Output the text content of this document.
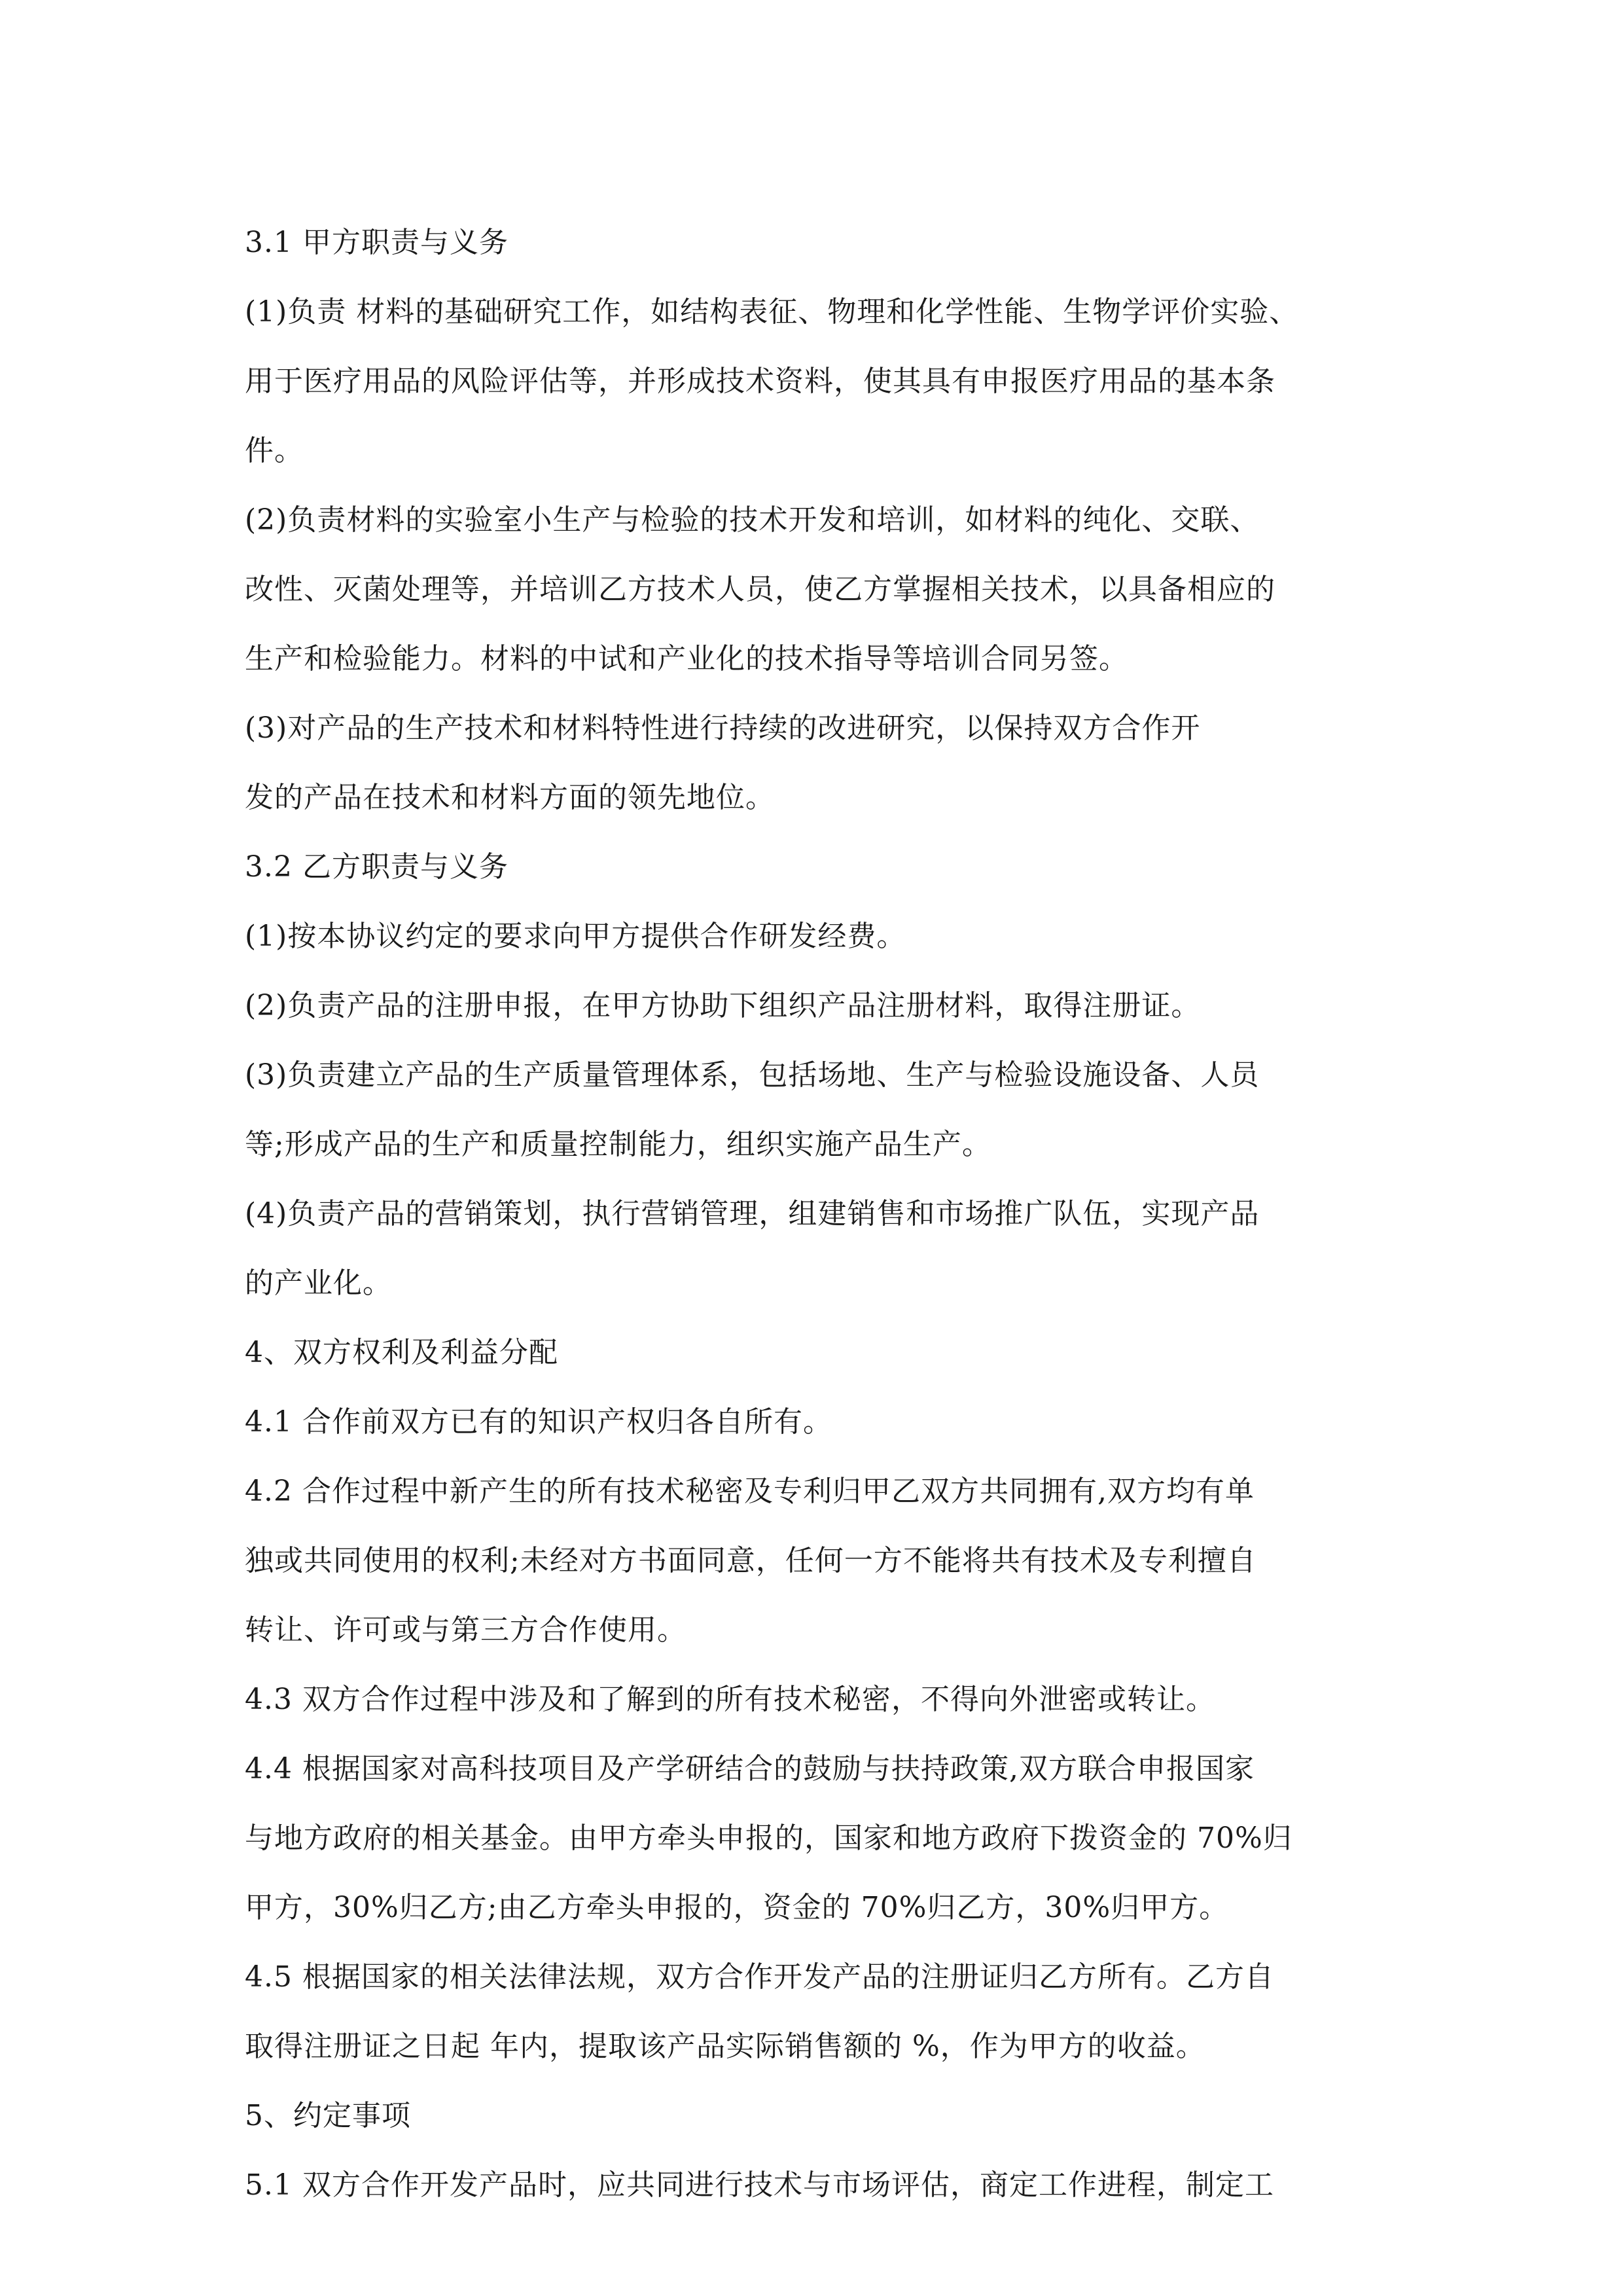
3.1 甲方职责与义务
(1)负责 材料的基础研究工作，如结构表征、物理和化学性能、生物学评价实验、
用于医疗用品的风险评估等，并形成技术资料，使其具有申报医疗用品的基本条
件。
(2)负责材料的实验室小生产与检验的技术开发和培训，如材料的纯化、交联、
改性、灭菌处理等，并培训乙方技术人员，使乙方掌握相关技术，以具备相应的
生产和检验能力。材料的中试和产业化的技术指导等培训合同另签。
(3)对产品的生产技术和材料特性进行持续的改进研究，以保持双方合作开
发的产品在技术和材料方面的领先地位。
3.2 乙方职责与义务
(1)按本协议约定的要求向甲方提供合作研发经费。
(2)负责产品的注册申报，在甲方协助下组织产品注册材料，取得注册证。
(3)负责建立产品的生产质量管理体系，包括场地、生产与检验设施设备、人员
等;形成产品的生产和质量控制能力，组织实施产品生产。
(4)负责产品的营销策划，执行营销管理，组建销售和市场推广队伍，实现产品
的产业化。
4、双方权利及利益分配
4.1 合作前双方已有的知识产权归各自所有。
4.2 合作过程中新产生的所有技术秘密及专利归甲乙双方共同拥有,双方均有单
独或共同使用的权利;未经对方书面同意，任何一方不能将共有技术及专利擅自
转让、许可或与第三方合作使用。
4.3 双方合作过程中涉及和了解到的所有技术秘密，不得向外泄密或转让。
4.4 根据国家对高科技项目及产学研结合的鼓励与扶持政策,双方联合申报国家
与地方政府的相关基金。由甲方牵头申报的，国家和地方政府下拨资金的 70%归
甲方，30%归乙方;由乙方牵头申报的，资金的 70%归乙方，30%归甲方。
4.5 根据国家的相关法律法规，双方合作开发产品的注册证归乙方所有。乙方自
取得注册证之日起 年内，提取该产品实际销售额的 %，作为甲方的收益。
5、约定事项
5.1 双方合作开发产品时，应共同进行技术与市场评估，商定工作进程，制定工
